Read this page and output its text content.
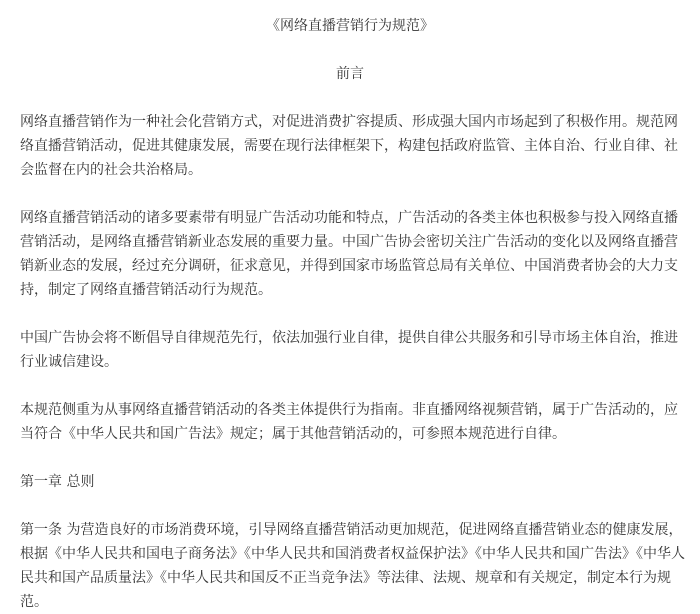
《网络直播营销行为规范》
前言

网络直播营销作为一种社会化营销方式，对促进消费扩容提质、形成强大国内市场起到了积极作用。规范网络直播营销活动，促进其健康发展，需要在现行法律框架下，构建包括政府监管、主体自治、行业自律、社会监督在内的社会共治格局。

网络直播营销活动的诸多要素带有明显广告活动功能和特点，广告活动的各类主体也积极参与投入网络直播营销活动，是网络直播营销新业态发展的重要力量。中国广告协会密切关注广告活动的变化以及网络直播营销新业态的发展，经过充分调研，征求意见，并得到国家市场监管总局有关单位、中国消费者协会的大力支持，制定了网络直播营销活动行为规范。

中国广告协会将不断倡导自律规范先行，依法加强行业自律，提供自律公共服务和引导市场主体自治，推进行业诚信建设。

本规范侧重为从事网络直播营销活动的各类主体提供行为指南。非直播网络视频营销，属于广告活动的，应当符合《中华人民共和国广告法》规定；属于其他营销活动的，可参照本规范进行自律。

第一章 总则

第一条 为营造良好的市场消费环境，引导网络直播营销活动更加规范，促进网络直播营销业态的健康发展，根据《中华人民共和国电子商务法》《中华人民共和国消费者权益保护法》《中华人民共和国广告法》《中华人民共和国产品质量法》《中华人民共和国反不正当竞争法》等法律、法规、规章和有关规定，制定本行为规范。
